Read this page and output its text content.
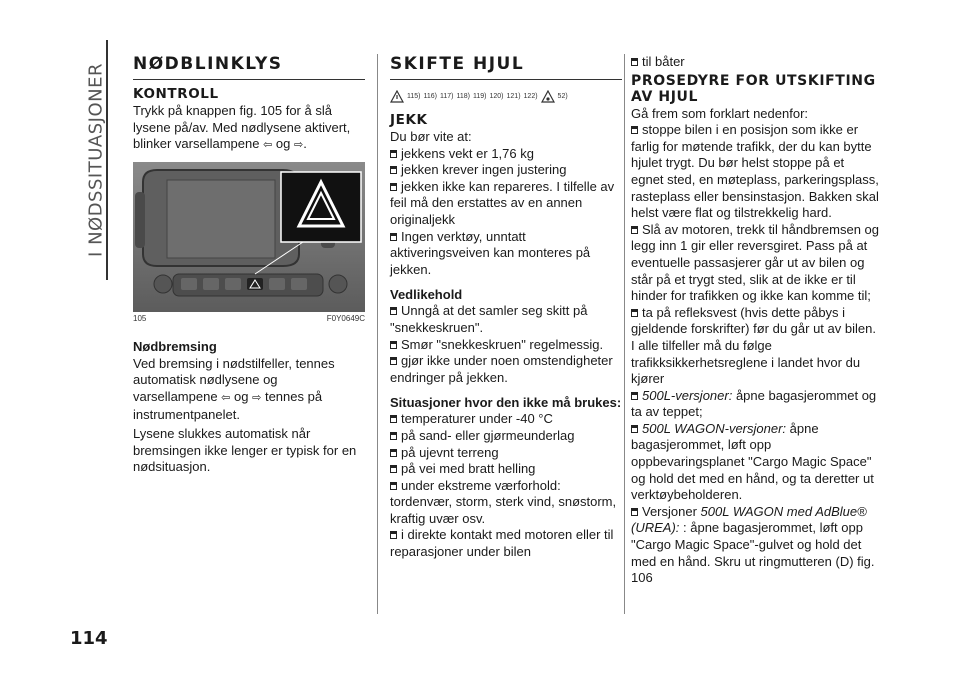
I NØDSSITUASJONER NØDBLINKLYS
KONTROLL

Trykk på knappen fig. 105 for å slå lysene på/av. Med nødlysene aktivert, blinker varsellampene ⇦ og ⇨.

105	F0Y0649C
Nødbremsing

Ved bremsing i nødstilfeller, tennes automatisk nødlysene og varsellampene ⇦ og ⇨ tennes på instrumentpanelet.

Lysene slukkes automatisk når bremsingen ikke lenger er typisk for en nødsituasjon.

SKIFTE HJUL
115) 116) 117) 118) 119) 120) 121) 122)	52)
JEKK

Du bør vite at:

jekkens vekt er 1,76 kg
jekken krever ingen justering
jekken ikke kan repareres. I tilfelle av feil må den erstattes av en annen originaljekk
Ingen verktøy, unntatt aktiveringsveiven kan monteres på jekken.
Vedlikehold
Unngå at det samler seg skitt på "snekkeskruen".
Smør "snekkeskruen" regelmessig.
gjør ikke under noen omstendigheter endringer på jekken.
Situasjoner hvor den ikke må brukes:
temperaturer under -40 °C
på sand- eller gjørmeunderlag
på ujevnt terreng
på vei med bratt helling
under ekstreme værforhold: tordenvær, storm, sterk vind, snøstorm, kraftig uvær osv.
i direkte kontakt med motoren eller til reparasjoner under bilen
til båter
PROSEDYRE FOR UTSKIFTING AV HJUL

Gå frem som forklart nedenfor:

stoppe bilen i en posisjon som ikke er farlig for møtende trafikk, der du kan bytte hjulet trygt. Du bør helst stoppe på et egnet sted, en møteplass, parkeringsplass, rasteplass eller bensinstasjon. Bakken skal helst være flat og tilstrekkelig hard.
Slå av motoren, trekk til håndbremsen og legg inn 1 gir eller reversgiret. Pass på at eventuelle passasjerer går ut av bilen og står på et trygt sted, slik at de ikke er til hinder for trafikken og ikke kan komme til;
ta på refleksvest (hvis dette påbys i gjeldende forskrifter) før du går ut av bilen. I alle tilfeller må du følge trafikksikkerhetsreglene i landet hvor du kjører
500L-versjoner: åpne bagasjerommet og ta av teppet;
500L WAGON-versjoner: åpne bagasjerommet, løft opp oppbevaringsplanet "Cargo Magic Space" og hold det med en hånd, og ta deretter ut verktøybeholderen.
Versjoner 500L WAGON med AdBlue® (UREA): : åpne bagasjerommet, løft opp "Cargo Magic Space"-gulvet og hold det med en hånd. Skru ut ringmutteren (D) fig. 106
114
